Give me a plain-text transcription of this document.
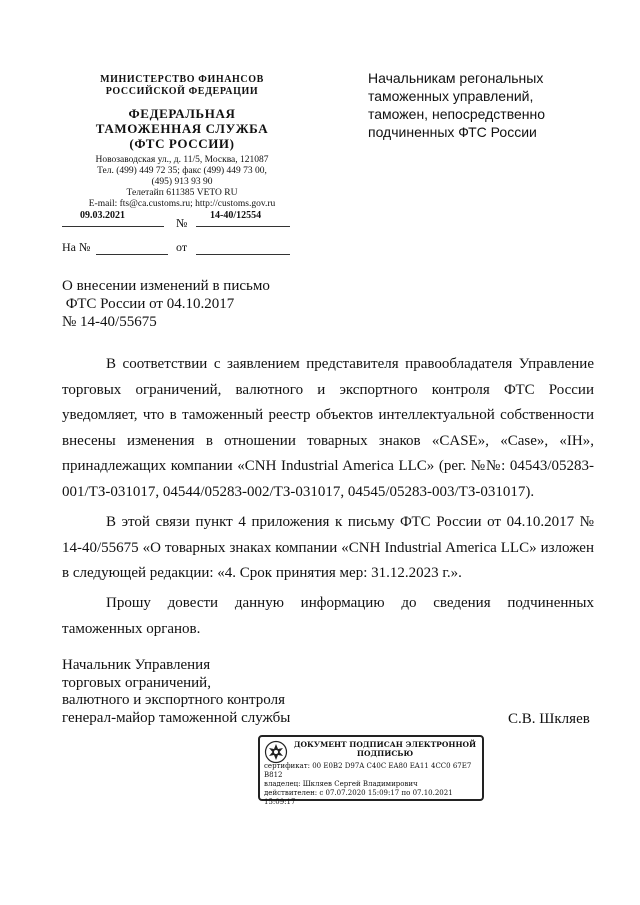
МИНИСТЕРСТВО ФИНАНСОВ
РОССИЙСКОЙ ФЕДЕРАЦИИ
ФЕДЕРАЛЬНАЯ
ТАМОЖЕННАЯ СЛУЖБА
(ФТС РОССИИ)
Новозаводская ул., д. 11/5, Москва, 121087
Тел. (499) 449 72 35; факс (499) 449 73 00,
(495) 913 93 90
Телетайп 611385 VETO RU
E-mail: fts@ca.customs.ru; http://customs.gov.ru
09.03.2021
№
14-40/12554
На №	от
Начальникам регональных
таможенных управлений,
таможен, непосредственно
подчиненных ФТС России
О внесении изменений в письмо
ФТС России от 04.10.2017
№ 14-40/55675

В соответствии с заявлением представителя правообладателя Управление торговых ограничений, валютного и экспортного контроля ФТС России уведомляет, что в таможенный реестр объектов интеллектуальной собственности внесены изменения в отношении товарных знаков «CASE», «Case», «IH», принадлежащих компании «CNH Industrial America LLC» (рег. №№: 04543/05283-001/ТЗ-031017, 04544/05283-002/ТЗ-031017, 04545/05283-003/ТЗ-031017).

В этой связи пункт 4 приложения к письму ФТС России от 04.10.2017 № 14-40/55675 «О товарных знаках компании «CNH Industrial America LLC» изложен в следующей редакции: «4. Срок принятия мер: 31.12.2023 г.».

Прошу довести данную информацию до сведения подчиненных таможенных органов.

Начальник Управления
торговых ограничений,
валютного и экспортного контроля
генерал-майор таможенной службы	С.В. Шкляев
ДОКУМЕНТ ПОДПИСАН ЭЛЕКТРОННОЙ ПОДПИСЬЮ
сертификат: 00 E0B2 D97A C40C EA80 EA11 4CC0 67E7 B812
владелец: Шкляев Сергей Владимирович
действителен: с 07.07.2020 15:09:17 по 07.10.2021 15:09:17
